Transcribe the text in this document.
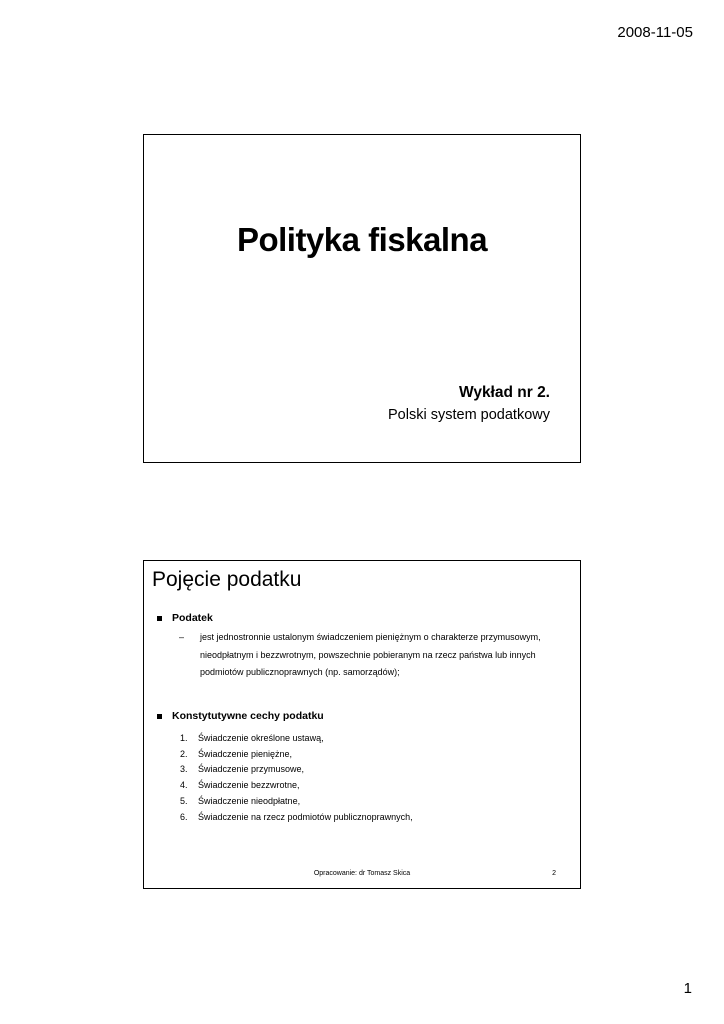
2008-11-05
Polityka fiskalna
Wykład nr 2.
Polski system podatkowy
Pojęcie podatku
Podatek
–	jest jednostronnie ustalonym świadczeniem pieniężnym o charakterze przymusowym, nieodpłatnym i bezzwrotnym, powszechnie pobieranym na rzecz państwa lub innych podmiotów publicznoprawnych (np. samorządów);
Konstytutywne cechy podatku
1.	Świadczenie określone ustawą,
2.	Świadczenie pieniężne,
3.	Świadczenie przymusowe,
4.	Świadczenie bezzwrotne,
5.	Świadczenie nieodpłatne,
6.	Świadczenie na rzecz podmiotów publicznoprawnych,
Opracowanie: dr Tomasz Skica	2
1
